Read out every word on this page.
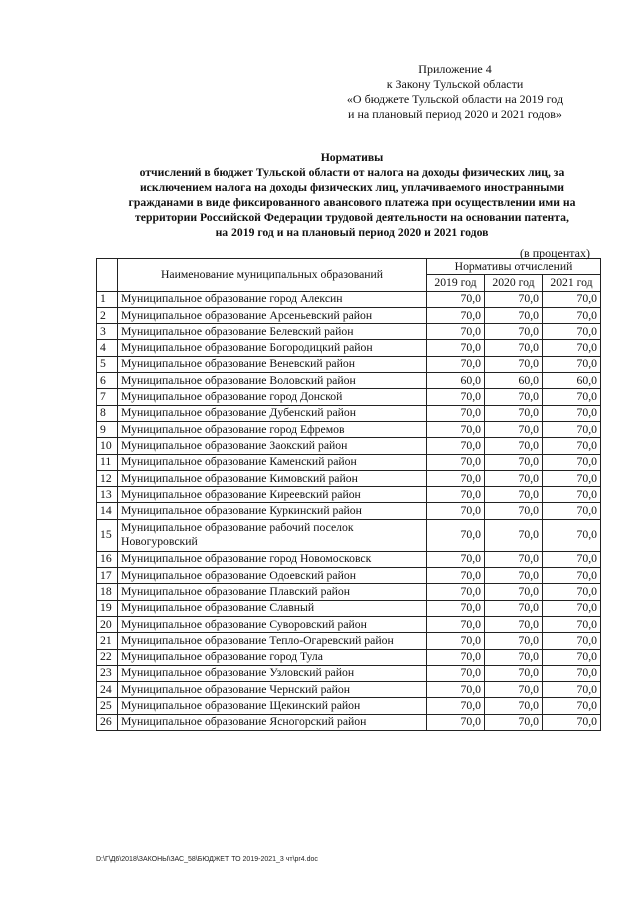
Приложение 4
к Закону Тульской области
«О бюджете Тульской области на 2019 год
и на плановый период 2020 и 2021 годов»
Нормативы
отчислений в бюджет Тульской области от налога на доходы физических лиц, за
исключением налога на доходы физических лиц, уплачиваемого иностранными
гражданами в виде фиксированного авансового платежа при осуществлении ими на
территории Российской Федерации трудовой деятельности на основании патента,
на 2019 год и на плановый период 2020 и 2021 годов
(в процентах)
	Наименование муниципальных образований	Нормативы отчислений		
		2019 год	2020 год	2021 год
1	Муниципальное образование город Алексин	70,0	70,0	70,0
2	Муниципальное образование Арсеньевский район	70,0	70,0	70,0
3	Муниципальное образование Белевский район	70,0	70,0	70,0
4	Муниципальное образование Богородицкий район	70,0	70,0	70,0
5	Муниципальное образование Веневский район	70,0	70,0	70,0
6	Муниципальное образование Воловский район	60,0	60,0	60,0
7	Муниципальное образование город Донской	70,0	70,0	70,0
8	Муниципальное образование Дубенский район	70,0	70,0	70,0
9	Муниципальное образование город Ефремов	70,0	70,0	70,0
10	Муниципальное образование Заокский район	70,0	70,0	70,0
11	Муниципальное образование Каменский район	70,0	70,0	70,0
12	Муниципальное образование Кимовский район	70,0	70,0	70,0
13	Муниципальное образование Киреевский район	70,0	70,0	70,0
14	Муниципальное образование Куркинский район	70,0	70,0	70,0
15	Муниципальное образование рабочий поселок Новогуровский	70,0	70,0	70,0
16	Муниципальное образование город Новомосковск	70,0	70,0	70,0
17	Муниципальное образование Одоевский район	70,0	70,0	70,0
18	Муниципальное образование Плавский район	70,0	70,0	70,0
19	Муниципальное образование Славный	70,0	70,0	70,0
20	Муниципальное образование Суворовский район	70,0	70,0	70,0
21	Муниципальное образование Тепло-Огаревский район	70,0	70,0	70,0
22	Муниципальное образование город Тула	70,0	70,0	70,0
23	Муниципальное образование Узловский район	70,0	70,0	70,0
24	Муниципальное образование Чернский район	70,0	70,0	70,0
25	Муниципальное образование Щекинский район	70,0	70,0	70,0
26	Муниципальное образование Ясногорский район	70,0	70,0	70,0
D:\Г\Д6\2018\ЗАКОНЫ\ЗАС_58\БЮДЖЕТ ТО 2019-2021_3 чт\pr4.doc
